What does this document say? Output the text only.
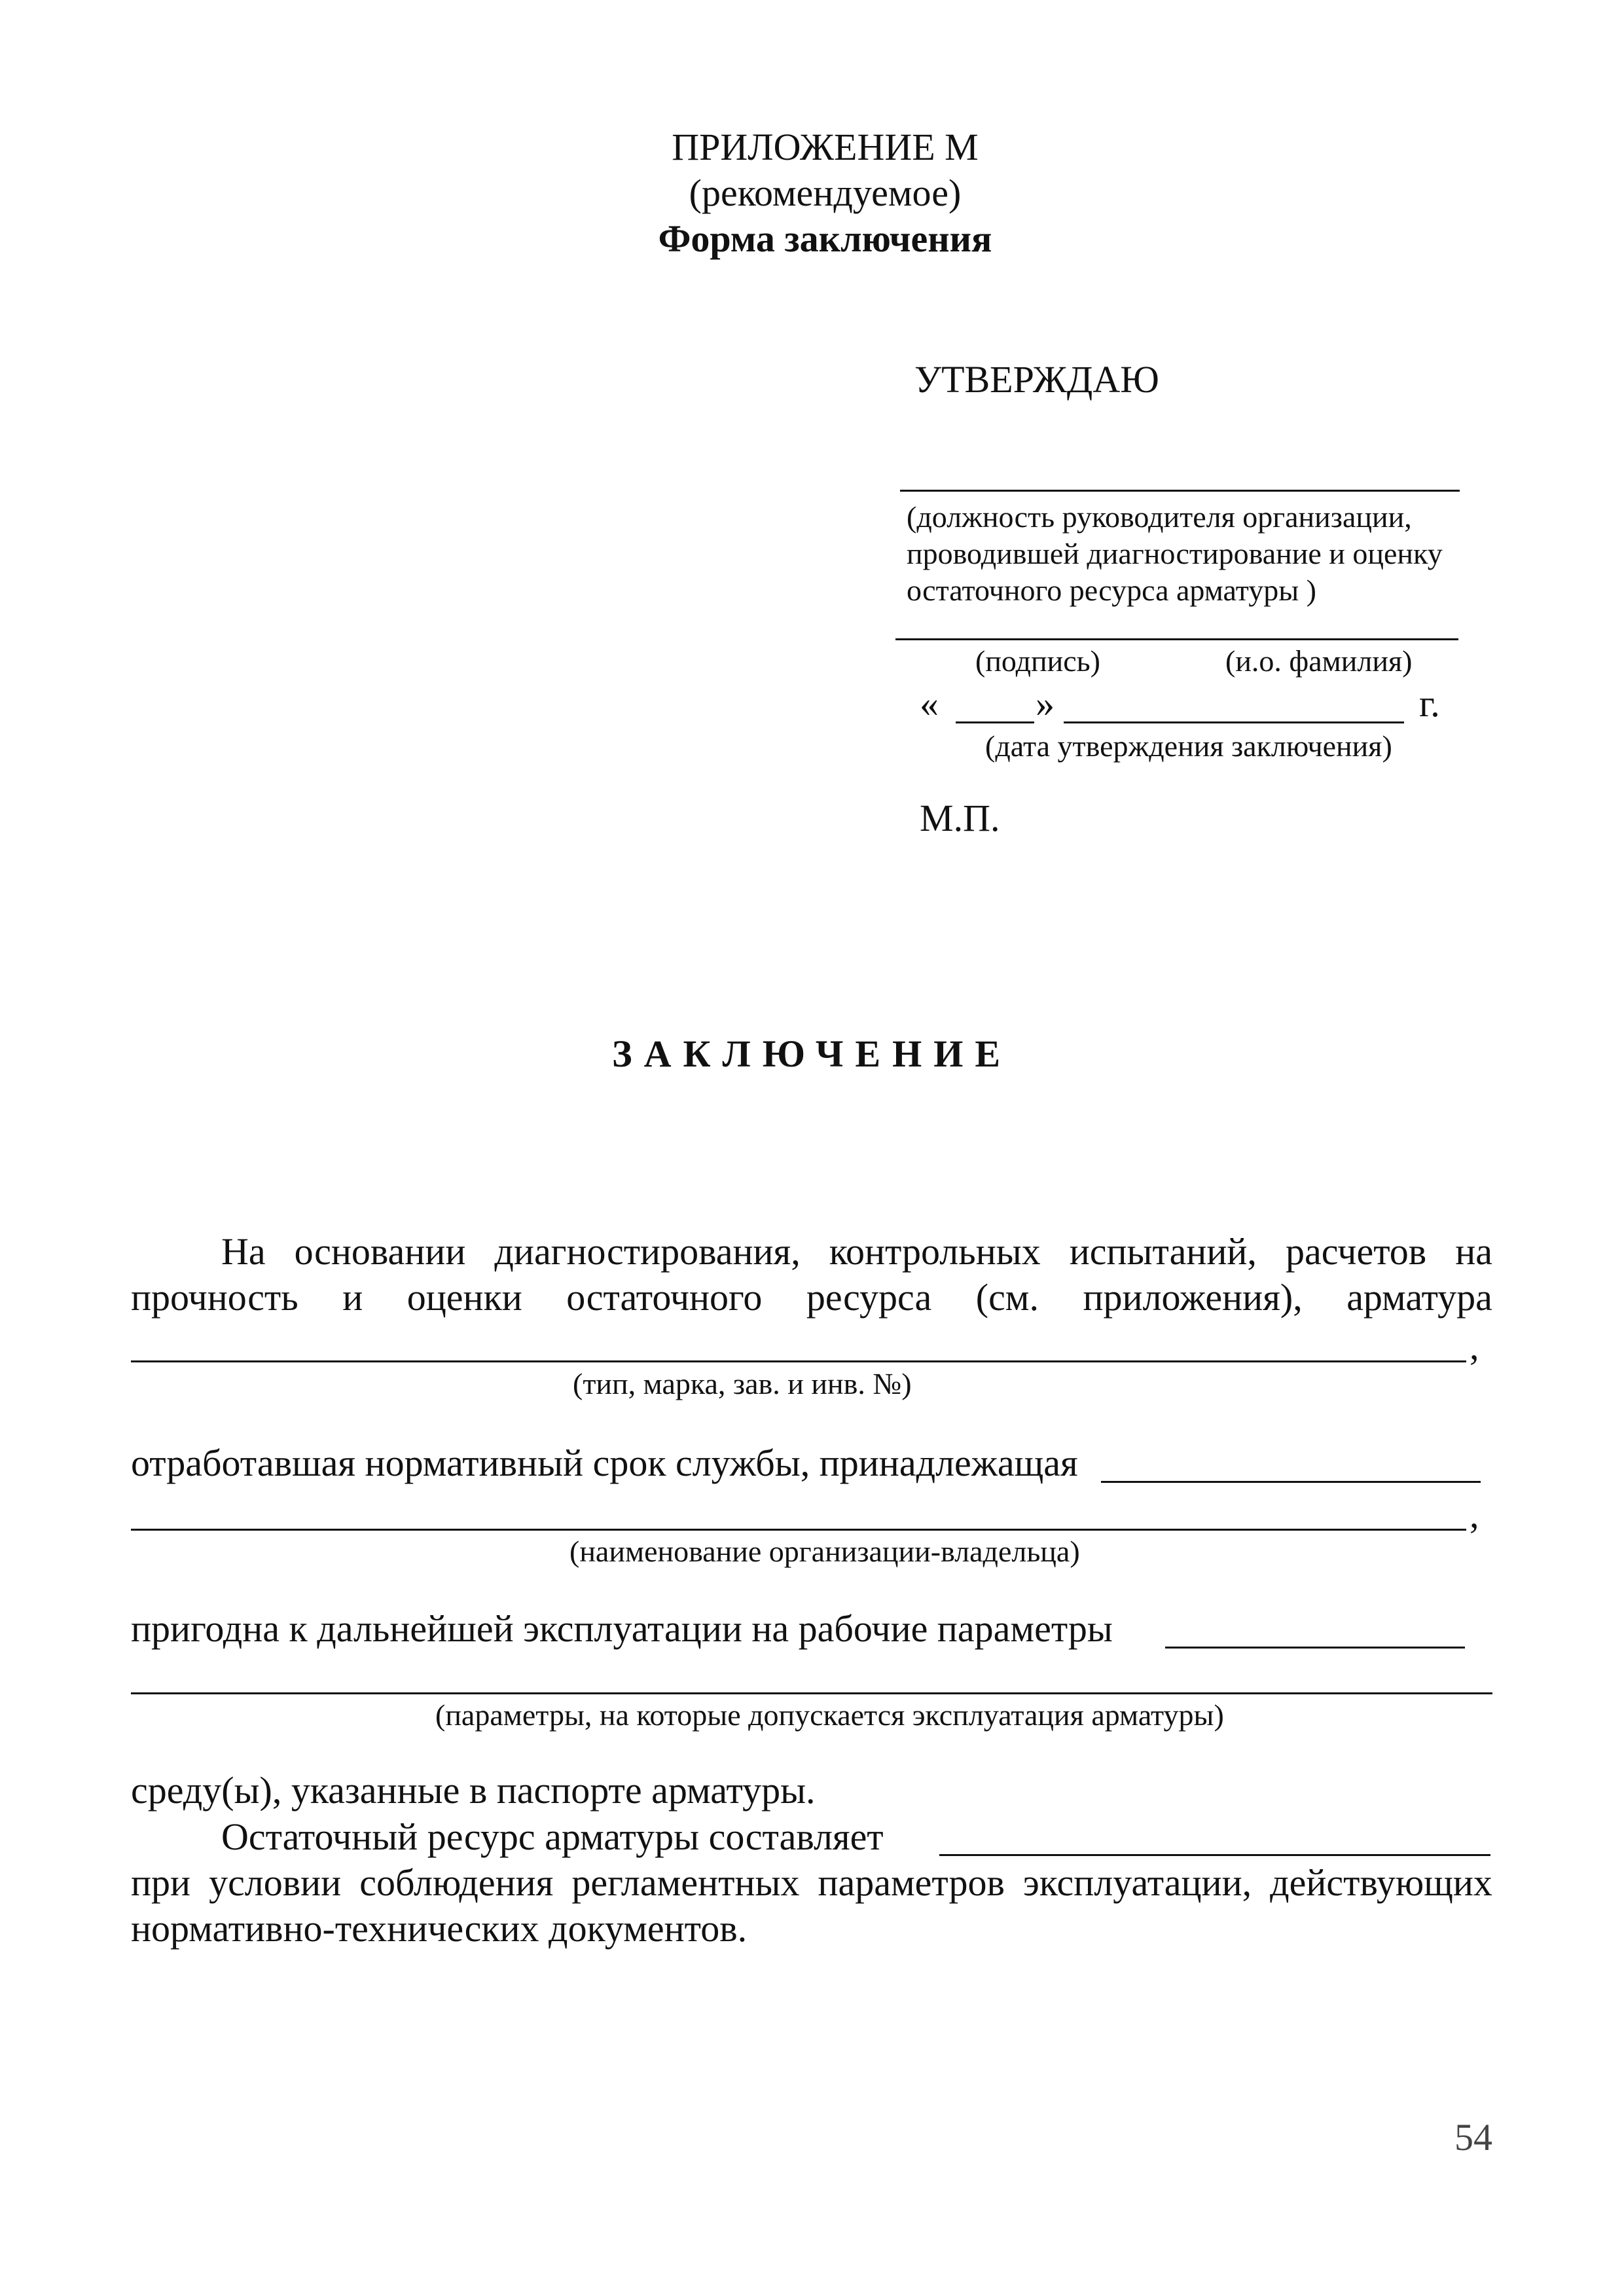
ПРИЛОЖЕНИЕ М
(рекомендуемое)
Форма заключения
УТВЕРЖДАЮ
(должность руководителя организации,
проводившей диагностирование и оценку
остаточного ресурса арматуры )
(подпись)	(и.о. фамилия)
«	»	г.
(дата утверждения заключения)
М.П.
ЗАКЛЮЧЕНИЕ
На основании диагностирования, контрольных испытаний, расчетов на
прочность и оценки остаточного ресурса (см. приложения), арматура
,
(тип, марка, зав. и инв. №)
отработавшая нормативный срок службы, принадлежащая
,
(наименование организации-владельца)
пригодна к дальнейшей эксплуатации на рабочие параметры
(параметры, на которые допускается эксплуатация арматуры)
среду(ы), указанные в паспорте арматуры.
Остаточный ресурс арматуры составляет
при условии соблюдения регламентных параметров эксплуатации, действующих
нормативно-технических документов.
54
